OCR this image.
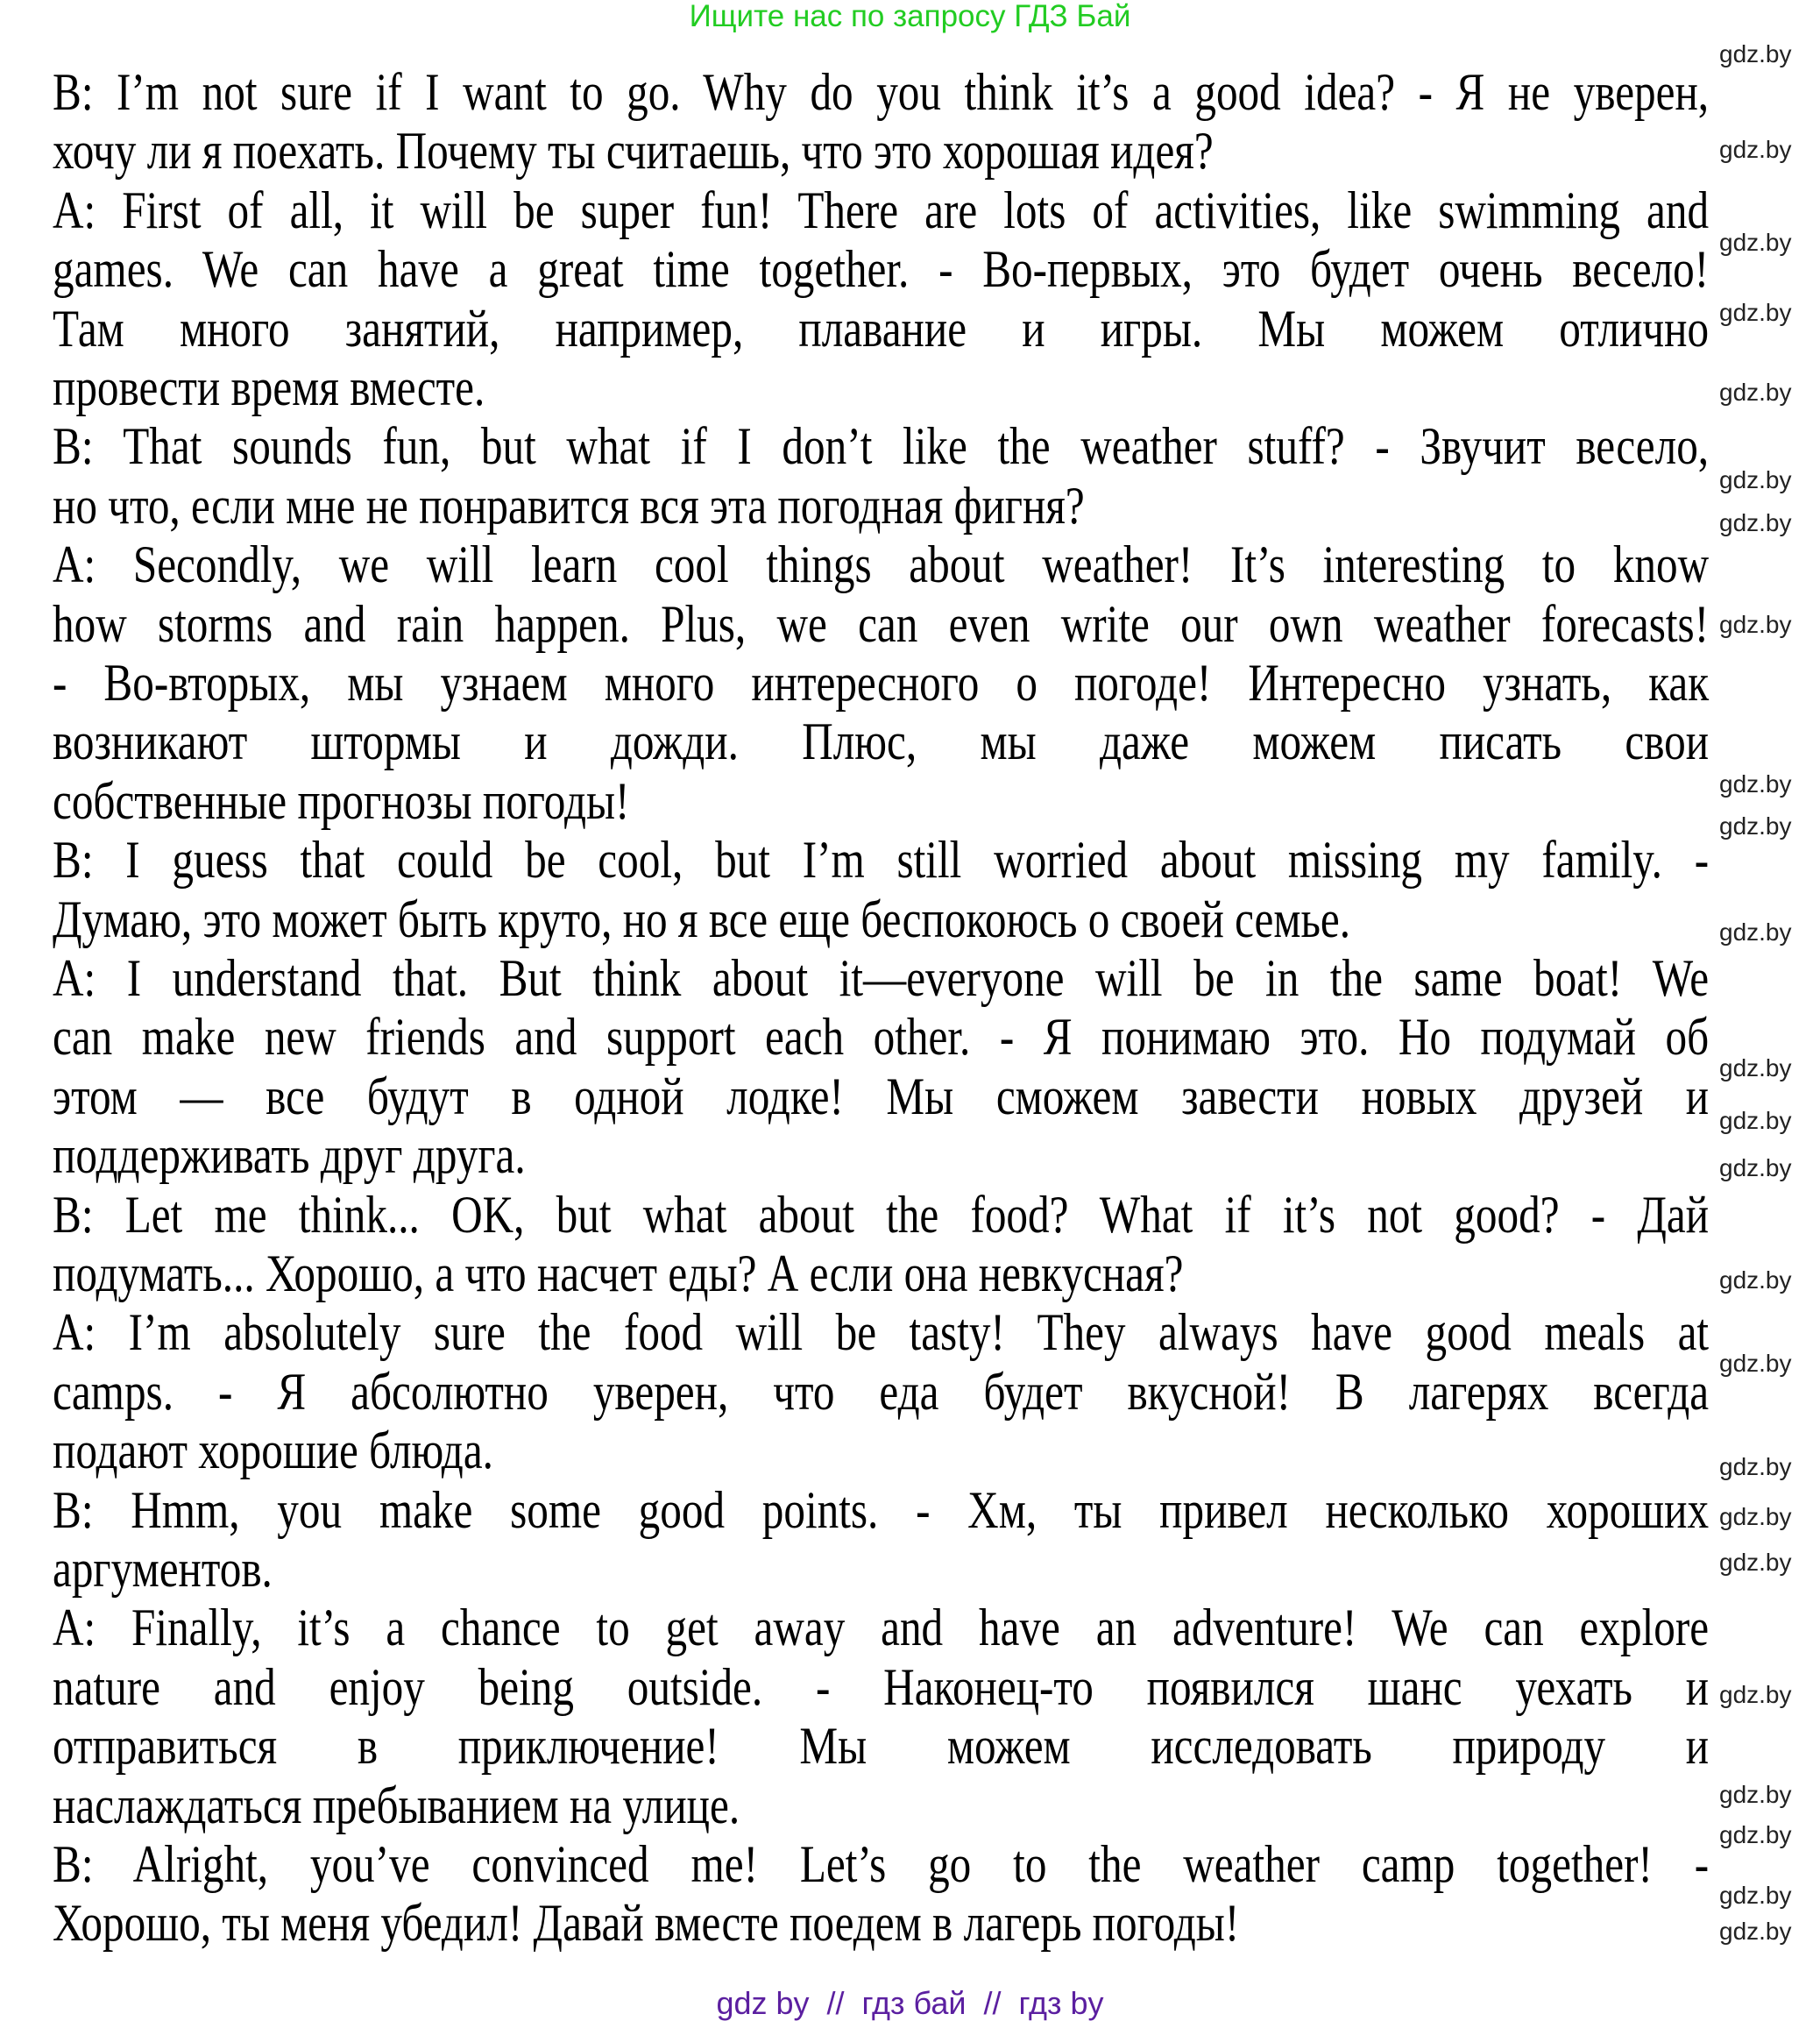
Ищите нас по запросу ГДЗ Бай
B: I’m not sure if I want to go. Why do you think it’s a good idea? - Я не уверен,
хочу ли я поехать. Почему ты считаешь, что это хорошая идея?
A: First of all, it will be super fun! There are lots of activities, like swimming and
games. We can have a great time together. - Во-первых, это будет очень весело!
Там много занятий, например, плавание и игры. Мы можем отлично
провести время вместе.
B: That sounds fun, but what if I don’t like the weather stuff? - Звучит весело,
но что, если мне не понравится вся эта погодная фигня?
A: Secondly, we will learn cool things about weather! It’s interesting to know
how storms and rain happen. Plus, we can even write our own weather forecasts!
- Во-вторых, мы узнаем много интересного о погоде! Интересно узнать, как
возникают штормы и дожди. Плюс, мы даже можем писать свои
собственные прогнозы погоды!
B: I guess that could be cool, but I’m still worried about missing my family. -
Думаю, это может быть круто, но я все еще беспокоюсь о своей семье.
A: I understand that. But think about it—everyone will be in the same boat! We
can make new friends and support each other. - Я понимаю это. Но подумай об
этом — все будут в одной лодке! Мы сможем завести новых друзей и
поддерживать друг друга.
B: Let me think... OK, but what about the food? What if it’s not good? - Дай
подумать... Хорошо, а что насчет еды? А если она невкусная?
A: I’m absolutely sure the food will be tasty! They always have good meals at
camps. - Я абсолютно уверен, что еда будет вкусной! В лагерях всегда
подают хорошие блюда.
B: Hmm, you make some good points. - Хм, ты привел несколько хороших
аргументов.
A: Finally, it’s a chance to get away and have an adventure! We can explore
nature and enjoy being outside. - Наконец-то появился шанс уехать и
отправиться в приключение! Мы можем исследовать природу и
наслаждаться пребыванием на улице.
B: Alright, you’ve convinced me! Let’s go to the weather camp together! -
Хорошо, ты меня убедил! Давай вместе поедем в лагерь погоды!
gdz.by
gdz.by
gdz.by
gdz.by
gdz.by
gdz.by
gdz.by
gdz.by
gdz.by
gdz.by
gdz.by
gdz.by
gdz.by
gdz.by
gdz.by
gdz.by
gdz.by
gdz.by
gdz.by
gdz.by
gdz.by
gdz.by
gdz.by
gdz.by
gdz by  //  гдз бай  //  гдз by
